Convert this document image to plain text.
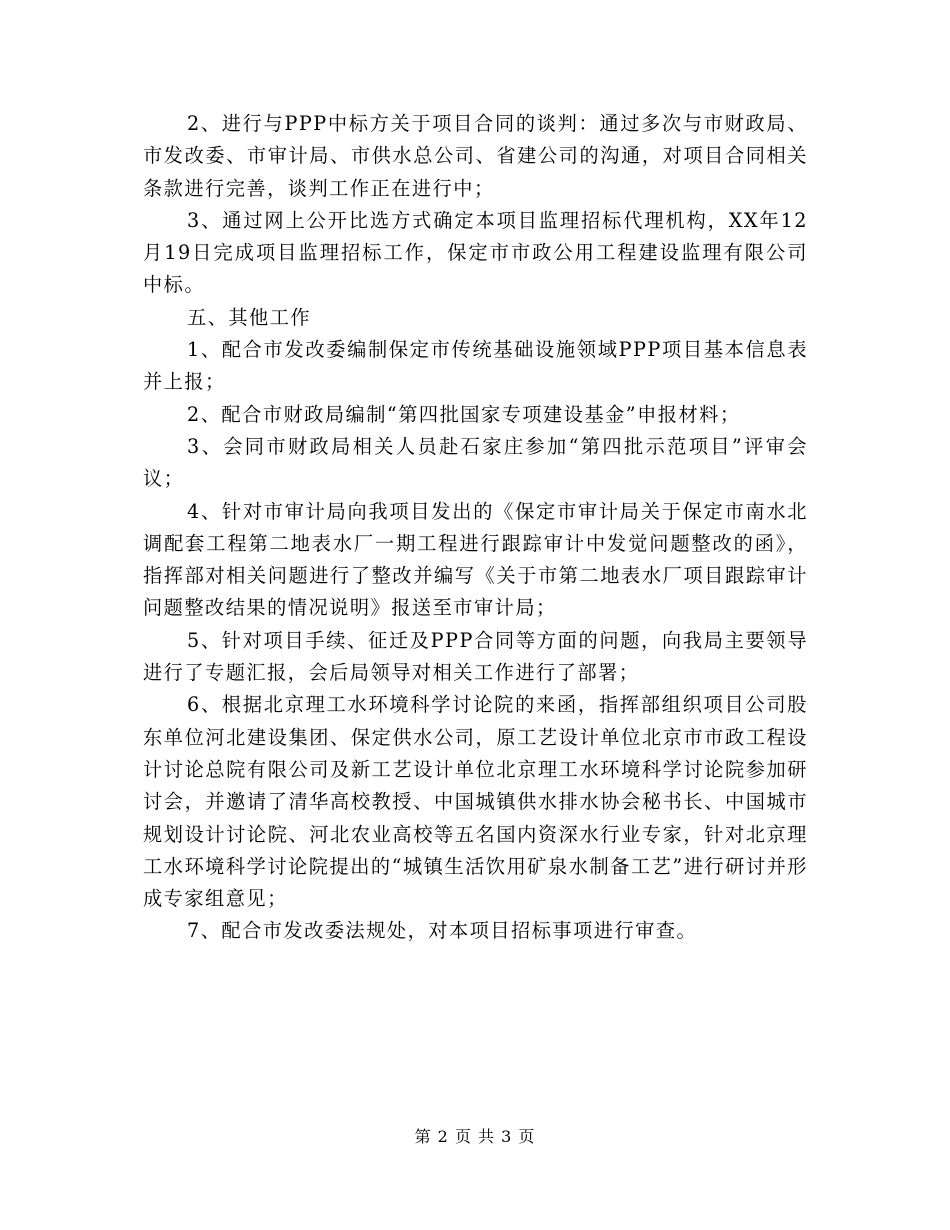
2、进行与PPP中标方关于项目合同的谈判：通过多次与市财政局、市发改委、市审计局、市供水总公司、省建公司的沟通，对项目合同相关条款进行完善，谈判工作正在进行中；

3、通过网上公开比选方式确定本项目监理招标代理机构，XX年12月19日完成项目监理招标工作，保定市市政公用工程建设监理有限公司中标。

五、其他工作

1、配合市发改委编制保定市传统基础设施领域PPP项目基本信息表并上报；

2、配合市财政局编制“第四批国家专项建设基金”申报材料；

3、会同市财政局相关人员赴石家庄参加“第四批示范项目”评审会议；

4、针对市审计局向我项目发出的《保定市审计局关于保定市南水北调配套工程第二地表水厂一期工程进行跟踪审计中发觉问题整改的函》，指挥部对相关问题进行了整改并编写《关于市第二地表水厂项目跟踪审计问题整改结果的情况说明》报送至市审计局；

5、针对项目手续、征迁及PPP合同等方面的问题，向我局主要领导进行了专题汇报，会后局领导对相关工作进行了部署；

6、根据北京理工水环境科学讨论院的来函，指挥部组织项目公司股东单位河北建设集团、保定供水公司，原工艺设计单位北京市市政工程设计讨论总院有限公司及新工艺设计单位北京理工水环境科学讨论院参加研讨会，并邀请了清华高校教授、中国城镇供水排水协会秘书长、中国城市规划设计讨论院、河北农业高校等五名国内资深水行业专家，针对北京理工水环境科学讨论院提出的“城镇生活饮用矿泉水制备工艺”进行研讨并形成专家组意见；

7、配合市发改委法规处，对本项目招标事项进行审查。

第 2 页 共 3 页
